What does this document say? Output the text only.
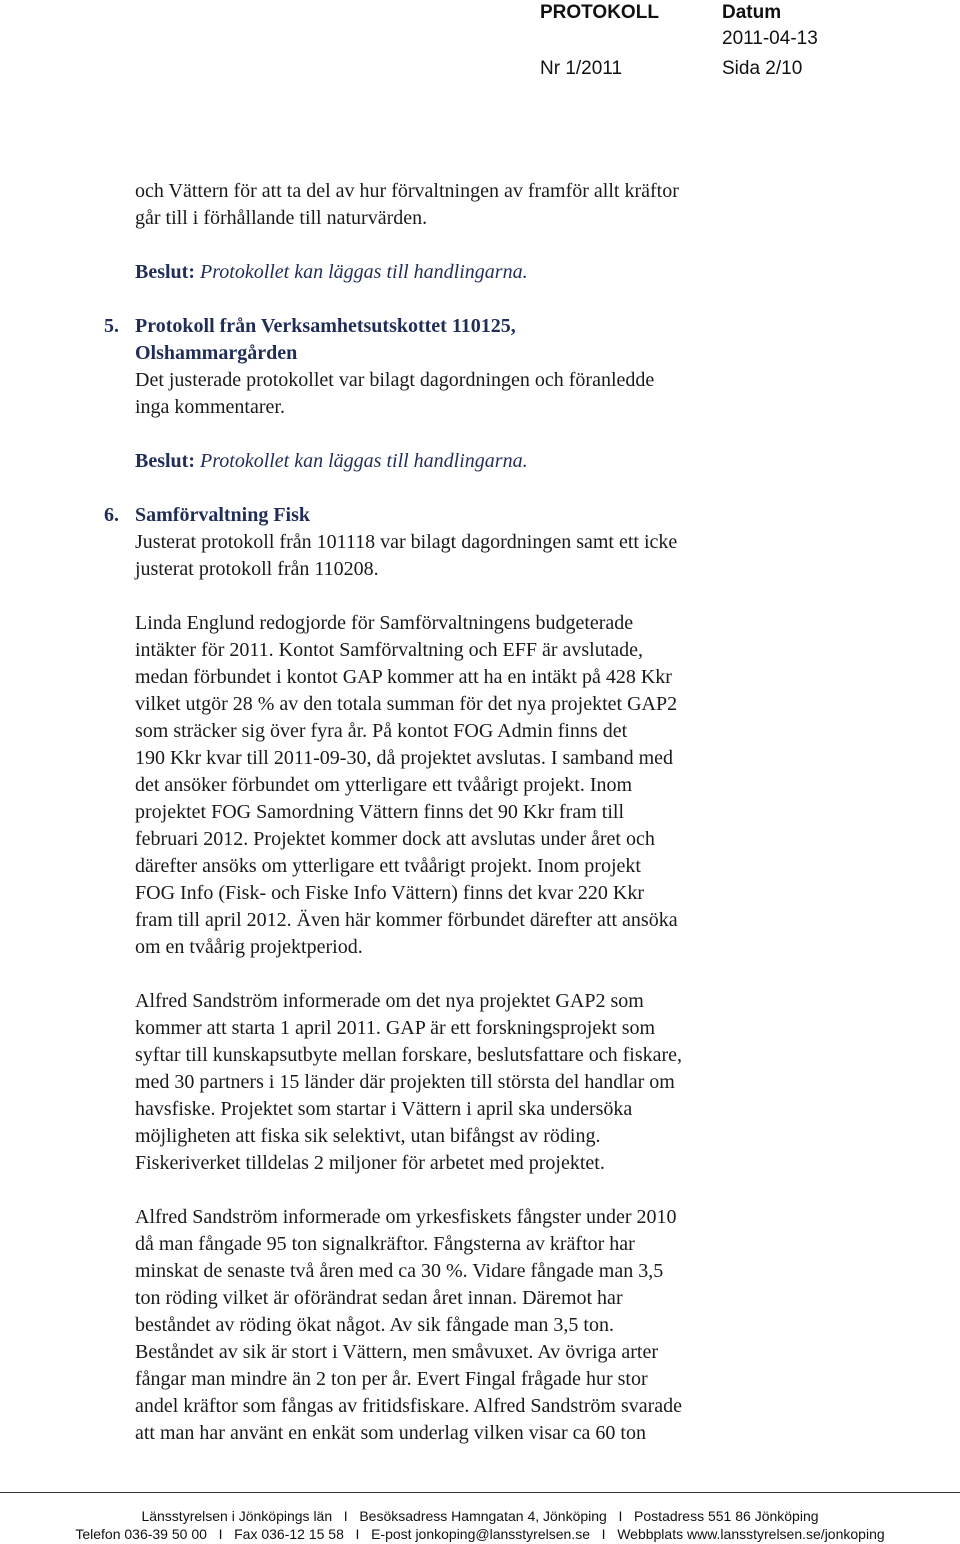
PROTOKOLL	Datum
2011-04-13
Nr 1/2011	Sida 2/10

och Vättern för att ta del av hur förvaltningen av framför allt kräftor

går till i förhållande till naturvärden.

Beslut: Protokollet kan läggas till handlingarna.

5. Protokoll från Verksamhetsutskottet 110125,

Olshammargården

Det justerade protokollet var bilagt dagordningen och föranledde

inga kommentarer.

Beslut: Protokollet kan läggas till handlingarna.

6. Samförvaltning Fisk

Justerat protokoll från 101118 var bilagt dagordningen samt ett icke

justerat protokoll från 110208.

Linda Englund redogjorde för Samförvaltningens budgeterade

intäkter för 2011. Kontot Samförvaltning och EFF är avslutade,

medan förbundet i kontot GAP kommer att ha en intäkt på 428 Kkr

vilket utgör 28 % av den totala summan för det nya projektet GAP2

som sträcker sig över fyra år. På kontot FOG Admin finns det

190 Kkr kvar till 2011-09-30, då projektet avslutas. I samband med

det ansöker förbundet om ytterligare ett tvåårigt projekt. Inom

projektet FOG Samordning Vättern finns det 90 Kkr fram till

februari 2012. Projektet kommer dock att avslutas under året och

därefter ansöks om ytterligare ett tvåårigt projekt. Inom projekt

FOG Info (Fisk- och Fiske Info Vättern) finns det kvar 220 Kkr

fram till april 2012. Även här kommer förbundet därefter att ansöka

om en tvåårig projektperiod.

Alfred Sandström informerade om det nya projektet GAP2 som

kommer att starta 1 april 2011. GAP är ett forskningsprojekt som

syftar till kunskapsutbyte mellan forskare, beslutsfattare och fiskare,

med 30 partners i 15 länder där projekten till största del handlar om

havsfiske. Projektet som startar i Vättern i april ska undersöka

möjligheten att fiska sik selektivt, utan bifångst av röding.

Fiskeriverket tilldelas 2 miljoner för arbetet med projektet.

Alfred Sandström informerade om yrkesfiskets fångster under 2010

då man fångade 95 ton signalkräftor. Fångsterna av kräftor har

minskat de senaste två åren med ca 30 %. Vidare fångade man 3,5

ton röding vilket är oförändrat sedan året innan. Däremot har

beståndet av röding ökat något. Av sik fångade man 3,5 ton.

Beståndet av sik är stort i Vättern, men småvuxet. Av övriga arter

fångar man mindre än 2 ton per år. Evert Fingal frågade hur stor

andel kräftor som fångas av fritidsfiskare. Alfred Sandström svarade

att man har använt en enkät som underlag vilken visar ca 60 ton

Länsstyrelsen i Jönköpings län   I   Besöksadress Hamngatan 4, Jönköping   I   Postadress 551 86 Jönköping
Telefon 036-39 50 00   I   Fax 036-12 15 58   I   E-post jonkoping@lansstyrelsen.se   I   Webbplats www.lansstyrelsen.se/jonkoping
